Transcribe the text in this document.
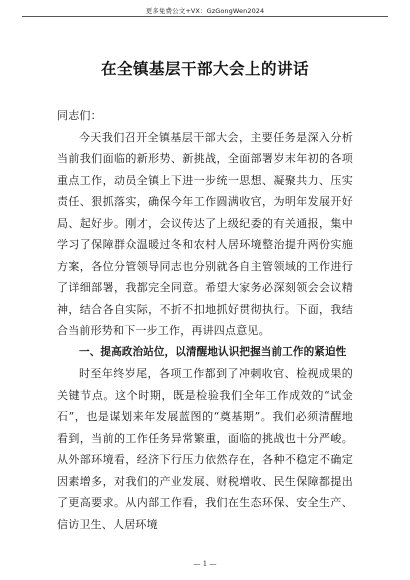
更多免费公文+VX：GzGongWen2024
在全镇基层干部大会上的讲话

同志们：

今天我们召开全镇基层干部大会，主要任务是深入分析当前我们面临的新形势、新挑战，全面部署岁末年初的各项重点工作，动员全镇上下进一步统一思想、凝聚共力、压实责任、狠抓落实，确保今年工作圆满收官，为明年发展开好局、起好步。刚才，会议传达了上级纪委的有关通报，集中学习了保障群众温暖过冬和农村人居环境整治提升两份实施方案，各位分管领导同志也分别就各自主管领域的工作进行了详细部署，我都完全同意。希望大家务必深刻领会会议精神，结合各自实际，不折不扣地抓好贯彻执行。下面，我结合当前形势和下一步工作，再讲四点意见。

一、提高政治站位，以清醒地认识把握当前工作的紧迫性

时至年终岁尾，各项工作都到了冲刺收官、检视成果的关键节点。这个时期，既是检验我们全年工作成效的“试金石”，也是谋划来年发展蓝图的“奠基期”。我们必须清醒地看到，当前的工作任务异常繁重，面临的挑战也十分严峻。从外部环境看，经济下行压力依然存在，各种不稳定不确定因素增多，对我们的产业发展、财税增收、民生保障都提出了更高要求。从内部工作看，我们在生态环保、安全生产、信访卫生、人居环境

— 1 —
